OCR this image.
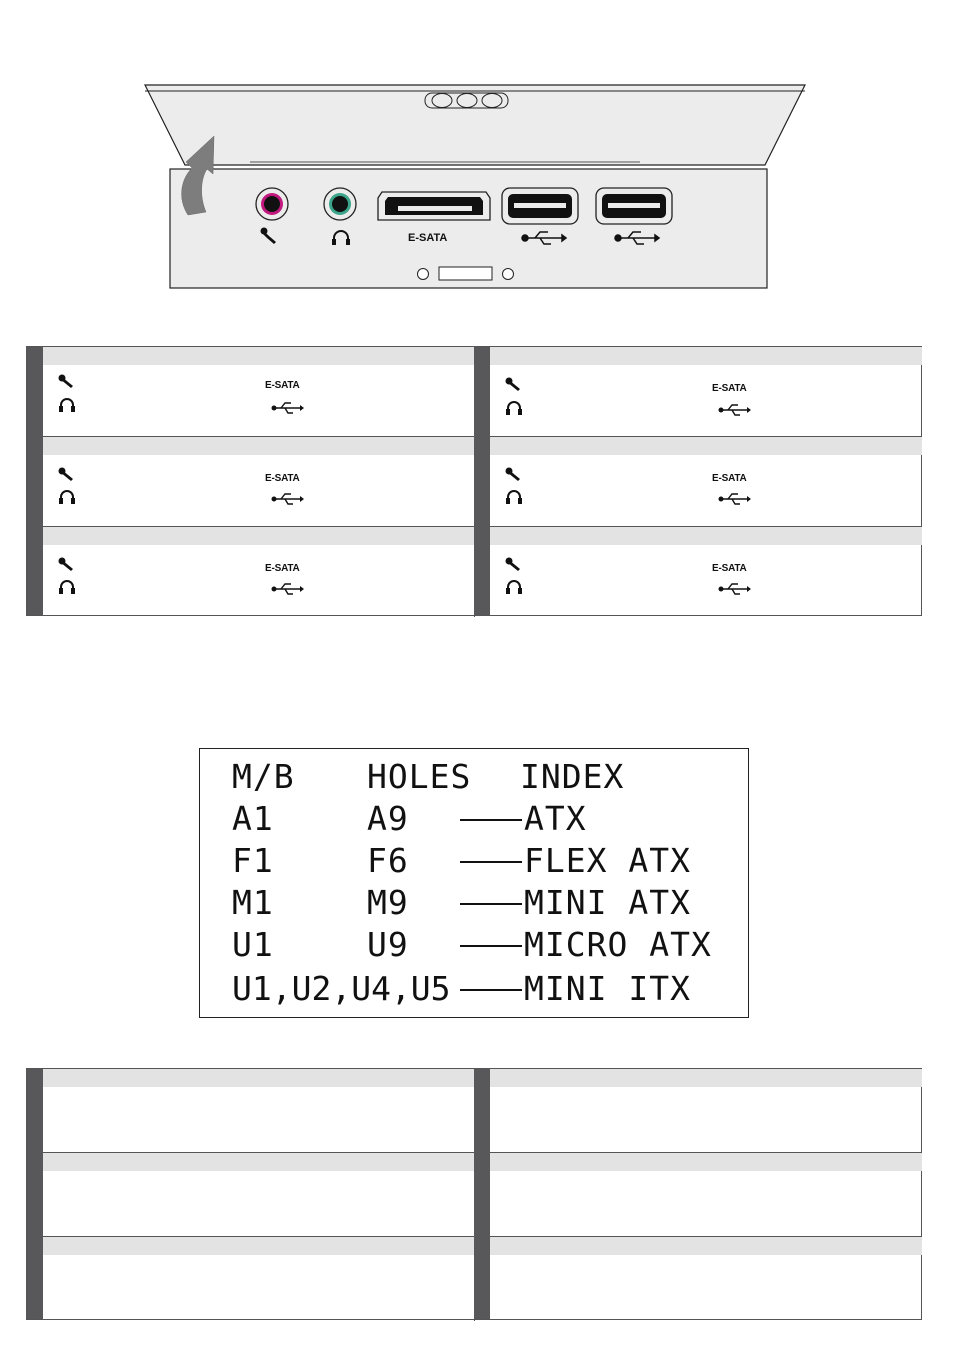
E-SATA
E-SATA
E-SATA
E-SATA
E-SATA
E-SATA
E-SATA
M/B HOLES INDEX
A1	A9	ATX
F1	F6	FLEX ATX
M1	M9	MINI ATX
U1	U9	MICRO ATX
U1,U2,U4,U5 MINI ITX
